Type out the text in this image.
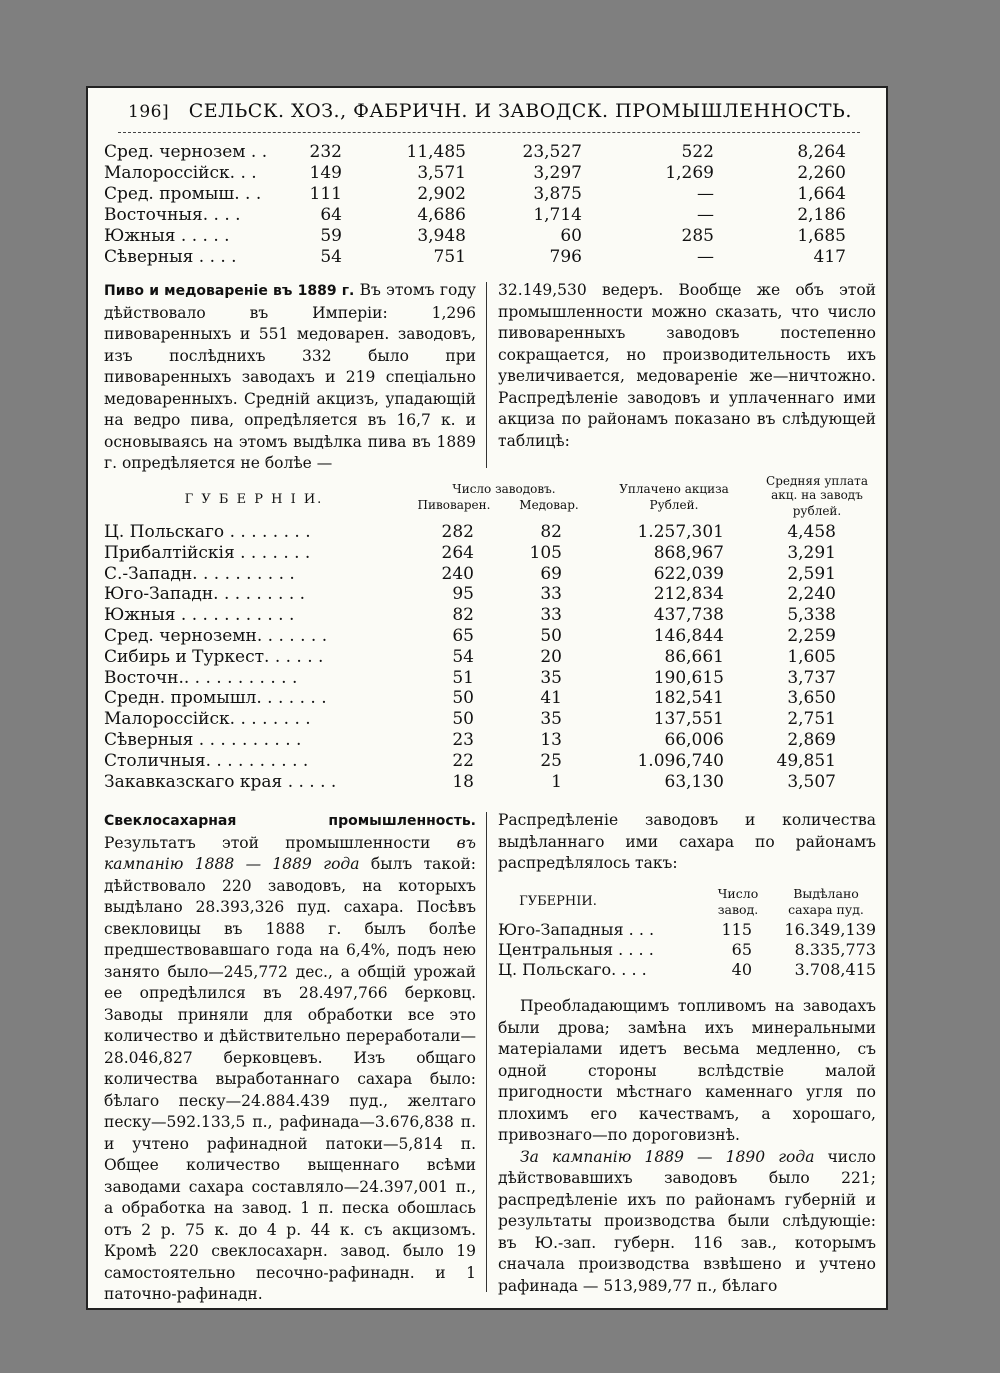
196] СЕЛЬСК. ХОЗ., ФАБРИЧН. И ЗАВОДСК. ПРОМЫШЛЕННОСТЬ.
Сред. чернозем . .	232	11,485	23,527	522	8,264
Малороссійск. . .	149	3,571	3,297	1,269	2,260
Сред. промыш. . .	111	2,902	3,875	—	1,664
Восточныя. . . .	64	4,686	1,714	—	2,186
Южныя . . . . .	59	3,948	60	285	1,685
Сѣверныя . . . .	54	751	796	—	417
Пиво и медовареніе въ 1889 г. Въ этомъ году дѣйствовало въ Имперіи: 1,296 пивоваренныхъ и 551 медоварен. заводовъ, изъ послѣднихъ 332 было при пивоваренныхъ заводахъ и 219 спеціально медоваренныхъ. Средній акцизъ, упадающій на ведро пива, опредѣляется въ 16,7 к. и основываясь на этомъ выдѣлка пива въ 1889 г. опредѣляется не болѣе —
32.149,530 ведеръ. Вообще же объ этой промышленности можно сказать, что число пивоваренныхъ заводовъ постепенно сокращается, но производительность ихъ увеличивается, медовареніе же—ничтожно. Распредѣленіе заводовъ и уплаченнаго ими акциза по районамъ показано въ слѣдующей таблицѣ:
Г У Б Е Р Н І И.
Число заводовъ.
Пивоварен.	Медовар.
Уплачено акциза
Рублей.
Средняя уплата
акц. на заводъ
рублей.
Ц. Польскаго . . . . . . . .	282	82	1.257,301	4,458
Прибалтійскія . . . . . . .	264	105	868,967	3,291
С.-Западн. . . . . . . . . .	240	69	622,039	2,591
Юго-Западн. . . . . . . . .	95	33	212,834	2,240
Южныя . . . . . . . . . . .	82	33	437,738	5,338
Сред. черноземн. . . . . . .	65	50	146,844	2,259
Сибирь и Туркест. . . . . .	54	20	86,661	1,605
Восточн.. . . . . . . . . . .	51	35	190,615	3,737
Средн. промышл. . . . . . .	50	41	182,541	3,650
Малороссійск. . . . . . . .	50	35	137,551	2,751
Сѣверныя . . . . . . . . . .	23	13	66,006	2,869
Столичныя. . . . . . . . . .	22	25	1.096,740	49,851
Закавказскаго края . . . . .	18	1	63,130	3,507
Свеклосахарная промышленность. Результатъ этой промышленности въ кампанію 1888 — 1889 года былъ такой: дѣйствовало 220 заводовъ, на которыхъ выдѣлано 28.393,326 пуд. сахара. Посѣвъ свекловицы въ 1888 г. былъ болѣе предшествовавшаго года на 6,4%, подъ нею занято было—245,772 дес., а общій урожай ее опредѣлился въ 28.497,766 берковц. Заводы приняли для обработки все это количество и дѣйствительно переработали—28.046,827 берковцевъ. Изъ общаго количества выработаннаго сахара было: бѣлаго песку—24.884.439 пуд., желтаго песку—592.133,5 п., рафинада—3.676,838 п. и учтено рафинадной патоки—5,814 п. Общее количество выщеннаго всѣми заводами сахара составляло—24.397,001 п., а обработка на завод. 1 п. песка обошлась отъ 2 р. 75 к. до 4 р. 44 к. съ акцизомъ. Кромѣ 220 свеклосахарн. завод. было 19 самостоятельно песочно-рафинадн. и 1 паточно-рафинадн.
Распредѣленіе заводовъ и количества выдѣланнаго ими сахара по районамъ распредѣлялось такъ:
ГУБЕРНІИ.
Число
завод.
Выдѣлано
сахара пуд.
Юго-Западныя . . .	115	16.349,139
Центральныя . . . .	65	8.335,773
Ц. Польскаго. . . .	40	3.708,415
Преобладающимъ топливомъ на заводахъ были дрова; замѣна ихъ минеральными матеріалами идетъ весьма медленно, съ одной стороны вслѣдствіе малой пригодности мѣстнаго каменнаго угля по плохимъ его качествамъ, а хорошаго, привознаго—по дороговизнѣ.
За кампанію 1889 — 1890 года число дѣйствовавшихъ заводовъ было 221; распредѣленіе ихъ по районамъ губерній и результаты производства были слѣдующіе: въ Ю.-зап. губерн. 116 зав., которымъ сначала производства взвѣшено и учтено рафинада — 513,989,77 п., бѣлаго
